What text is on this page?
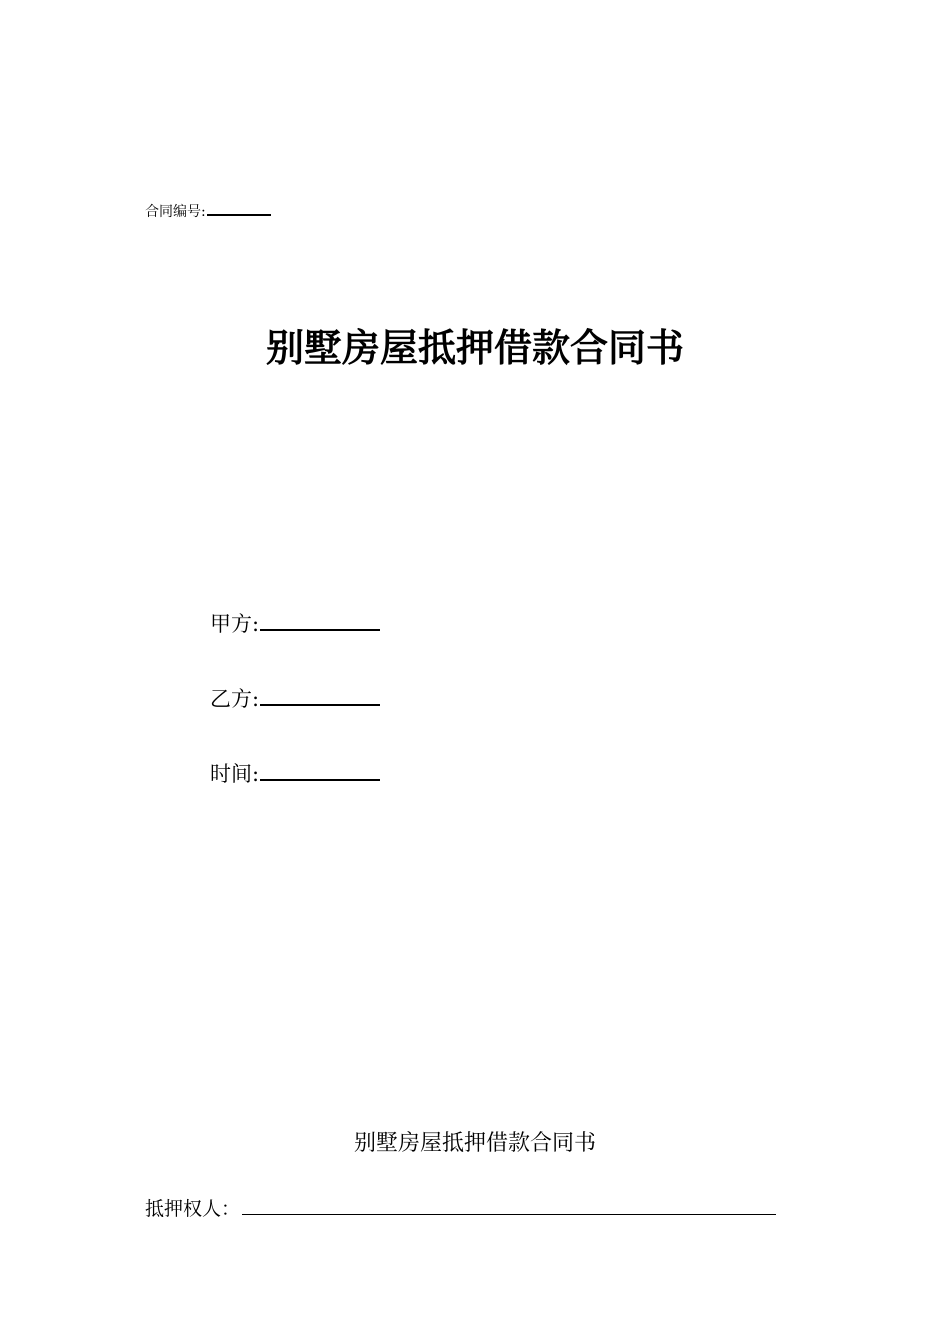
合同编号:
别墅房屋抵押借款合同书
甲方:
乙方:
时间:
别墅房屋抵押借款合同书
抵押权人：
